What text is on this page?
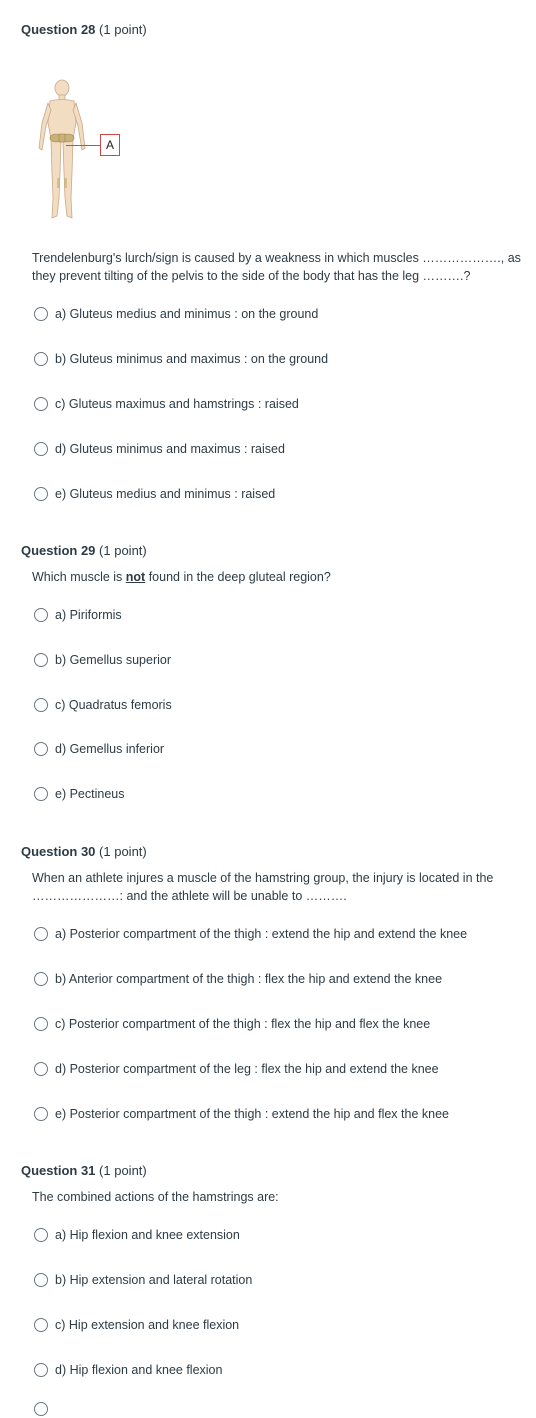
Question 28 (1 point)
A
Trendelenburg's lurch/sign is caused by a weakness in which muscles ………………., as they prevent tilting of the pelvis to the side of the body that has the leg ……….?
a) Gluteus medius and minimus : on the ground
b) Gluteus minimus and maximus : on the ground
c) Gluteus maximus and hamstrings : raised
d) Gluteus minimus and maximus : raised
e) Gluteus medius and minimus : raised
Question 29 (1 point)
Which muscle is not found in the deep gluteal region?
a) Piriformis
b) Gemellus superior
c) Quadratus femoris
d) Gemellus inferior
e) Pectineus
Question 30 (1 point)
When an athlete injures a muscle of the hamstring group, the injury is located in the …………………: and the athlete will be unable to ……….
a) Posterior compartment of the thigh : extend the hip and extend the knee
b) Anterior compartment of the thigh : flex the hip and extend the knee
c) Posterior compartment of the thigh : flex the hip and flex the knee
d) Posterior compartment of the leg : flex the hip and extend the knee
e) Posterior compartment of the thigh : extend the hip and flex the knee
Question 31 (1 point)
The combined actions of the hamstrings are:
a) Hip flexion and knee extension
b) Hip extension and lateral rotation
c) Hip extension and knee flexion
d) Hip flexion and knee flexion
